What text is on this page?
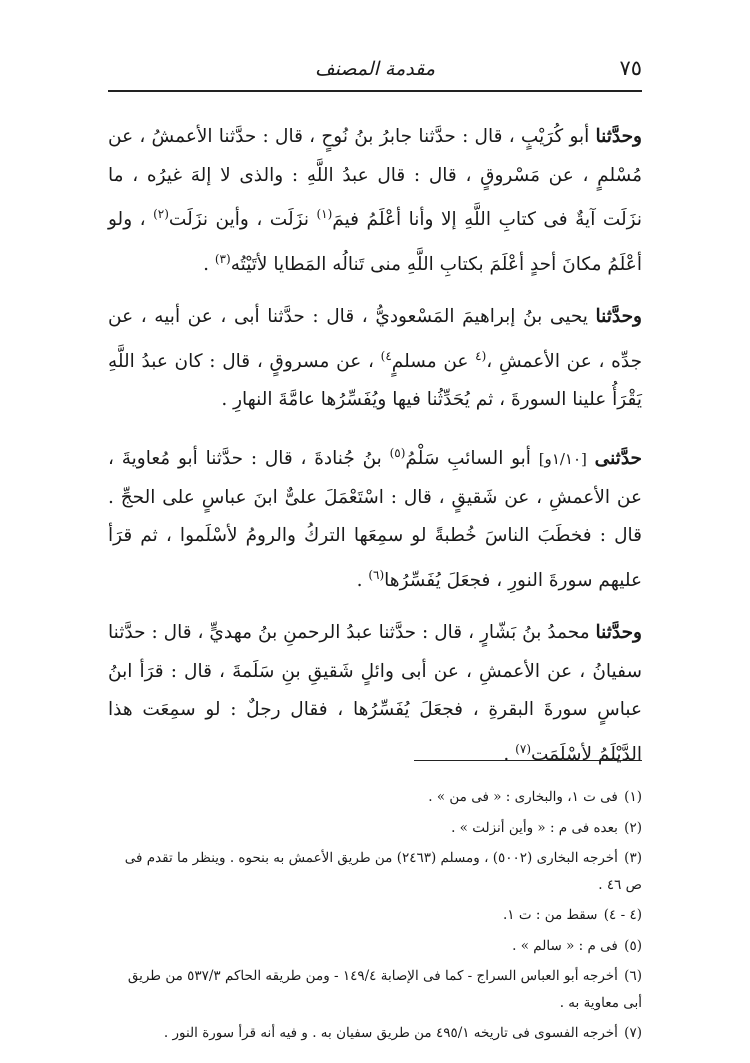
٧٥
مقدمة المصنف

وحدَّثنا أبو كُرَيْبٍ ، قال : حدَّثنا جابرُ بنُ نُوحٍ ، قال : حدَّثنا الأعمشُ ، عن مُسْلمٍ ، عن مَسْروقٍ ، قال : قال عبدُ اللَّهِ : والذى لا إلهَ غيرُه ، ما نزَلَت آيةٌ فى كتابِ اللَّهِ إلا وأنا أعْلَمُ فيمَ$^{(١)}$ نزَلَت ، وأين نزَلَت$^{(٢)}$ ، ولو أعْلَمُ مكانَ أحدٍ أعْلَمَ بكتابِ اللَّهِ منى تَنالُه المَطايا لأتَيْتُه$^{(٣)}$ .

وحدَّثنا يحيى بنُ إبراهيمَ المَسْعوديُّ ، قال : حدَّثنا أبى ، عن أبيه ، عن جدِّه ، عن الأعمشِ ،$^{(٤}$ عن مسلمٍ$^{٤)}$ ، عن مسروقٍ ، قال : كان عبدُ اللَّهِ يَقْرَأُ علينا السورةَ ، ثم يُحَدِّثُنا فيها ويُفَسِّرُها عامَّةَ النهارِ .

حدَّثنى [١/١٠و] أبو السائبِ سَلْمُ$^{(٥)}$ بنُ جُنادةَ ، قال : حدَّثنا أبو مُعاويةَ ، عن الأعمشِ ، عن شَقيقٍ ، قال : اسْتَعْمَلَ علىٌّ ابنَ عباسٍ على الحجِّ . قال : فخطَبَ الناسَ خُطبةً لو سمِعَها التركُ والرومُ لأسْلَموا ، ثم قرَأ عليهم سورةَ النورِ ، فجعَلَ يُفَسِّرُها$^{(٦)}$ .

وحدَّثنا محمدُ بنُ بَشّارٍ ، قال : حدَّثنا عبدُ الرحمنِ بنُ مهديٍّ ، قال : حدَّثنا سفيانُ ، عن الأعمشِ ، عن أبى وائلٍ شَقيقِ بنِ سَلَمةَ ، قال : قرَأ ابنُ عباسٍ سورةَ البقرةِ ، فجعَلَ يُفَسِّرُها ، فقال رجلٌ : لو سمِعَت هذا الدَّيْلَمُ لأسْلَمَت$^{(٧)}$ .

(١) فى ت ١، والبخارى : « فى من » .
(٢) بعده فى م : « وأين أنزلت » .
(٣) أخرجه البخارى (٥٠٠٢) ، ومسلم (٢٤٦٣) من طريق الأعمش به بنحوه . وينظر ما تقدم فى ص ٤٦ .
(٤ - ٤) سقط من : ت ١.
(٥) فى م : « سالم » .
(٦) أخرجه أبو العباس السراج - كما فى الإصابة ١٤٩/٤ - ومن طريقه الحاكم ٥٣٧/٣ من طريق أبى معاوية به .
(٧) أخرجه الفسوى فى تاريخه ٤٩٥/١ من طريق سفيان به . و فيه أنه قرأ سورة النور .
